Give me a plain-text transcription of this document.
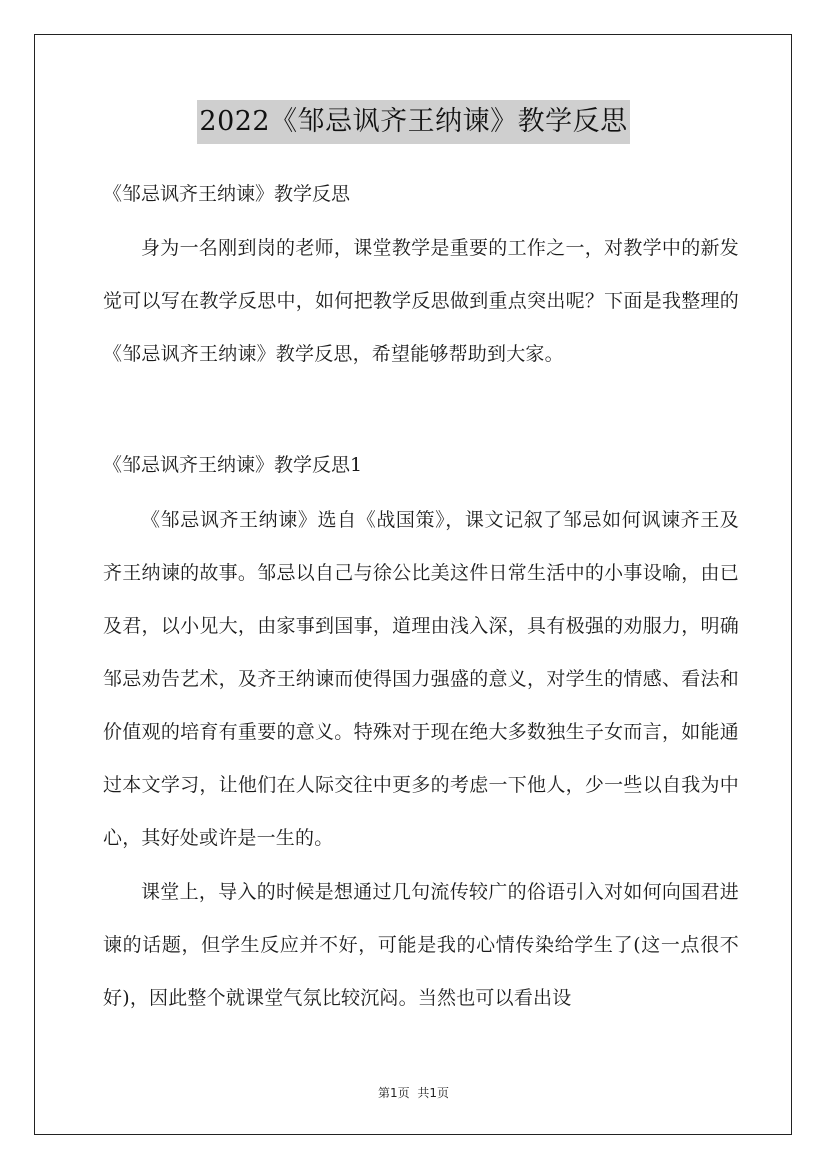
2022《邹忌讽齐王纳谏》教学反思
《邹忌讽齐王纳谏》教学反思
身为一名刚到岗的老师，课堂教学是重要的工作之一，对教学中的新发觉可以写在教学反思中，如何把教学反思做到重点突出呢？下面是我整理的《邹忌讽齐王纳谏》教学反思，希望能够帮助到大家。
《邹忌讽齐王纳谏》教学反思1
《邹忌讽齐王纳谏》选自《战国策》，课文记叙了邹忌如何讽谏齐王及齐王纳谏的故事。邹忌以自己与徐公比美这件日常生活中的小事设喻，由已及君，以小见大，由家事到国事，道理由浅入深，具有极强的劝服力，明确邹忌劝告艺术，及齐王纳谏而使得国力强盛的意义，对学生的情感、看法和价值观的培育有重要的意义。特殊对于现在绝大多数独生子女而言，如能通过本文学习，让他们在人际交往中更多的考虑一下他人，少一些以自我为中心，其好处或许是一生的。
课堂上，导入的时候是想通过几句流传较广的俗语引入对如何向国君进谏的话题，但学生反应并不好，可能是我的心情传染给学生了(这一点很不好)，因此整个就课堂气氛比较沉闷。当然也可以看出设
第1页 共1页
